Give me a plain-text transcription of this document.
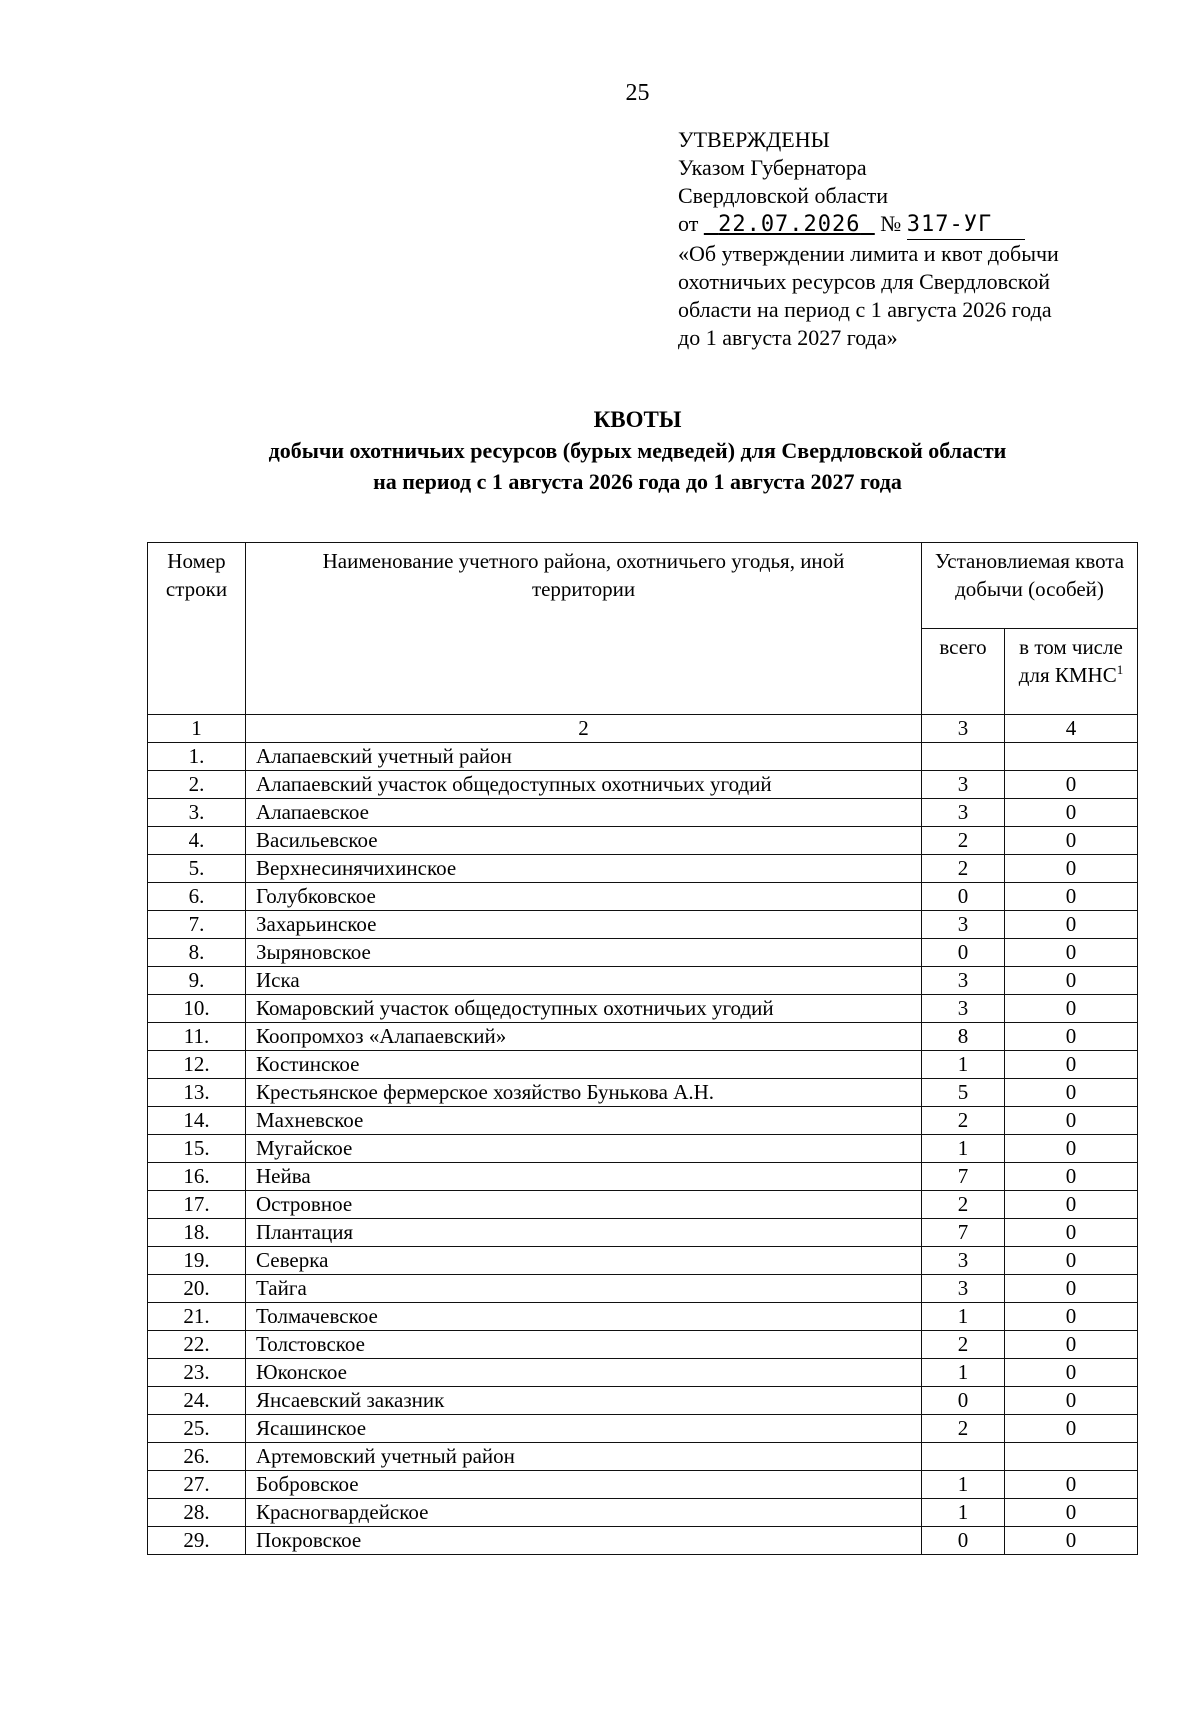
25
УТВЕРЖДЕНЫ
Указом Губернатора
Свердловской области
от 22.07.2026 № 317-УГ
«Об утверждении лимита и квот добычи
охотничьих ресурсов для Свердловской
области на период с 1 августа 2026 года
до 1 августа 2027 года»
КВОТЫ
добычи охотничьих ресурсов (бурых медведей) для Свердловской области
на период с 1 августа 2026 года до 1 августа 2027 года
Номер строки	Наименование учетного района, охотничьего угодья, иной территории	Установлиемая квота добычи (особей)	
		всего	в том числе для КМНС$^1$
1	2	3	4
1.	Алапаевский учетный район		
2.	Алапаевский участок общедоступных охотничьих угодий	3	0
3.	Алапаевское	3	0
4.	Васильевское	2	0
5.	Верхнесинячихинское	2	0
6.	Голубковское	0	0
7.	Захарьинское	3	0
8.	Зыряновское	0	0
9.	Иска	3	0
10.	Комаровский участок общедоступных охотничьих угодий	3	0
11.	Коопромхоз «Алапаевский»	8	0
12.	Костинское	1	0
13.	Крестьянское фермерское хозяйство Бунькова А.Н.	5	0
14.	Махневское	2	0
15.	Мугайское	1	0
16.	Нейва	7	0
17.	Островное	2	0
18.	Плантация	7	0
19.	Северка	3	0
20.	Тайга	3	0
21.	Толмачевское	1	0
22.	Толстовское	2	0
23.	Юконское	1	0
24.	Янсаевский заказник	0	0
25.	Ясашинское	2	0
26.	Артемовский учетный район		
27.	Бобровское	1	0
28.	Красногвардейское	1	0
29.	Покровское	0	0
